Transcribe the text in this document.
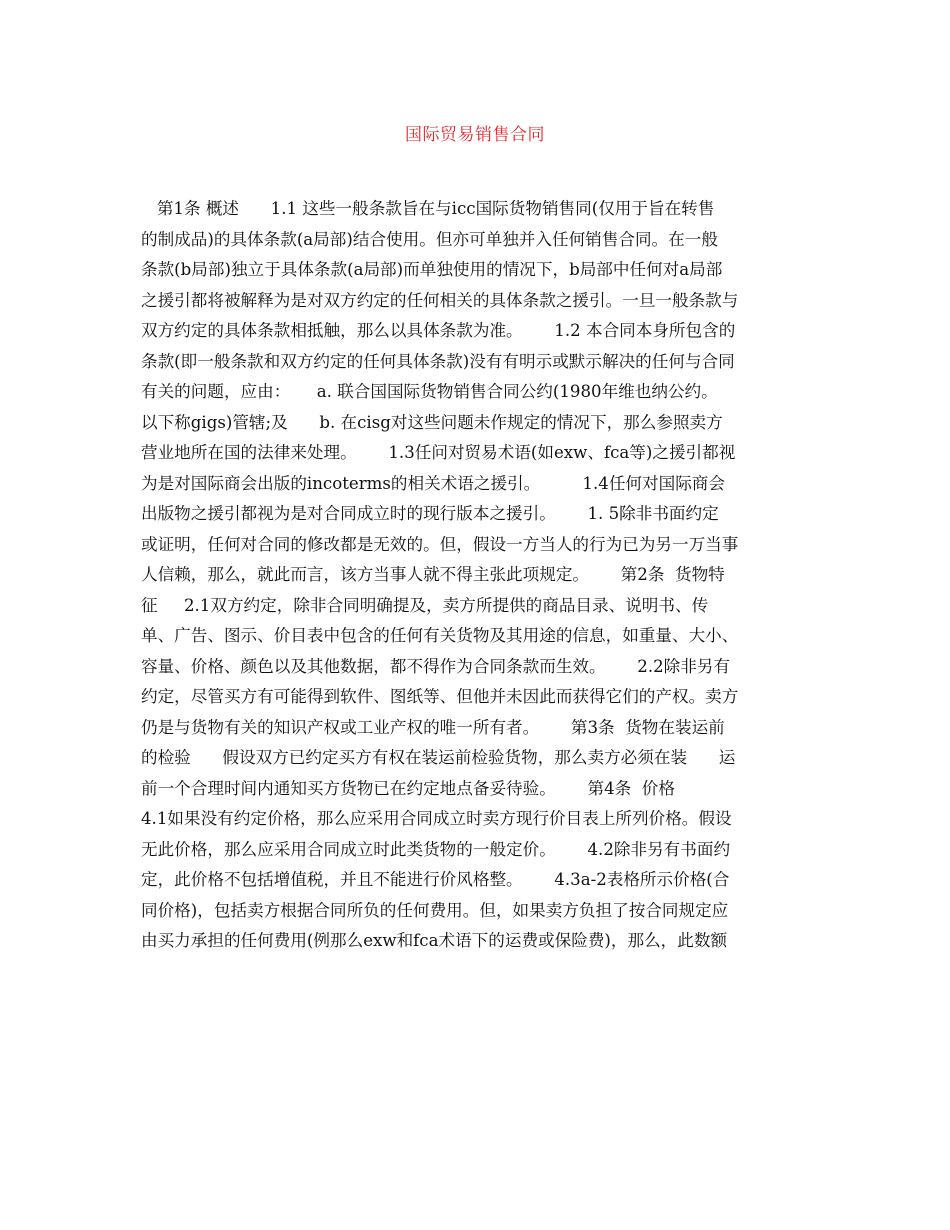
国际贸易销售合同
第1条 概述      1.1 这些一般条款旨在与icc国际货物销售同(仅用于旨在转售
的制成品)的具体条款(a局部)结合使用。但亦可单独并入任何销售合同。在一般
条款(b局部)独立于具体条款(a局部)而单独使用的情况下，b局部中任何对a局部
之援引都将被解释为是对双方约定的任何相关的具体条款之援引。一旦一般条款与
双方约定的具体条款相抵触，那么以具体条款为准。      1.2 本合同本身所包含的
条款(即一般条款和双方约定的任何具体条款)没有有明示或默示解决的任何与合同
有关的问题，应由：     a. 联合国国际货物销售合同公约(1980年维也纳公约。
以下称gigs)管辖;及      b. 在cisg对这些问题未作规定的情况下，那么参照卖方
营业地所在国的法律来处理。      1.3任问对贸易术语(如exw、fca等)之援引都视
为是对国际商会出版的incoterms的相关术语之援引。        1.4任何对国际商会
出版物之援引都视为是对合同成立时的现行版本之援引。      1. 5除非书面约定
或证明，任何对合同的修改都是无效的。但，假设一方当人的行为已为另一万当事
人信赖，那么，就此而言，该方当事人就不得主张此项规定。      第2条  货物特
征     2.1双方约定，除非合同明确提及，卖方所提供的商品目录、说明书、传
单、广告、图示、价目表中包含的任何有关货物及其用途的信息，如重量、大小、
容量、价格、颜色以及其他数据，都不得作为合同条款而生效。      2.2除非另有
约定，尽管买方有可能得到软件、图纸等、但他并未因此而获得它们的产权。卖方
仍是与货物有关的知识产权或工业产权的唯一所有者。      第3条  货物在装运前
的检验      假设双方已约定买方有权在装运前检验货物，那么卖方必须在装      运
前一个合理时间内通知买方货物已在约定地点备妥待验。      第4条  价格
4.1如果没有约定价格，那么应采用合同成立时卖方现行价目表上所列价格。假设
无此价格，那么应采用合同成立时此类货物的一般定价。      4.2除非另有书面约
定，此价格不包括增值税，并且不能进行价风格整。      4.3a-2表格所示价格(合
同价格)，包括卖方根据合同所负的任何费用。但，如果卖方负担了按合同规定应
由买力承担的任何费用(例那么exw和fca术语下的运费或保险费)，那么，此数额
